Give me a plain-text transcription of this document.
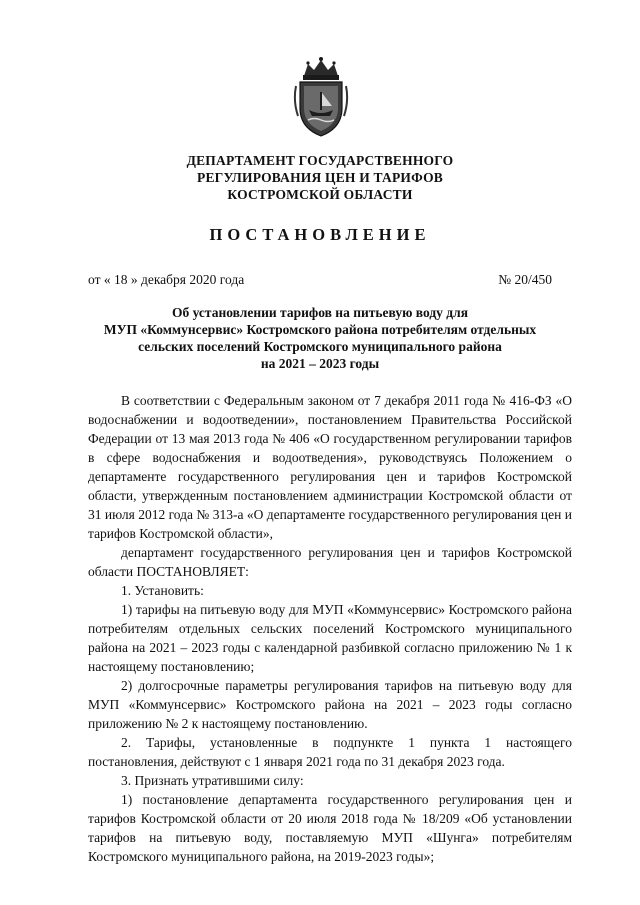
ДЕПАРТАМЕНТ ГОСУДАРСТВЕННОГО
РЕГУЛИРОВАНИЯ ЦЕН И ТАРИФОВ
КОСТРОМСКОЙ ОБЛАСТИ
ПОСТАНОВЛЕНИЕ
от « 18 » декабря 2020 года	№ 20/450
Об установлении тарифов на питьевую воду для
МУП «Коммунсервис» Костромского района потребителям отдельных
сельских поселений Костромского муниципального района
на 2021 – 2023 годы

В соответствии с Федеральным законом от 7 декабря 2011 года № 416-ФЗ «О водоснабжении и водоотведении», постановлением Правительства Российской Федерации от 13 мая 2013 года № 406 «О государственном регулировании тарифов в сфере водоснабжения и водоотведения», руководствуясь Положением о департаменте государственного регулирования цен и тарифов Костромской области, утвержденным постановлением администрации Костромской области от 31 июля 2012 года № 313-а «О департаменте государственного регулирования цен и тарифов Костромской области»,

департамент государственного регулирования цен и тарифов Костромской области ПОСТАНОВЛЯЕТ:

1. Установить:

1) тарифы на питьевую воду для МУП «Коммунсервис» Костромского района потребителям отдельных сельских поселений Костромского муниципального района на 2021 – 2023 годы с календарной разбивкой согласно приложению № 1 к настоящему постановлению;

2) долгосрочные параметры регулирования тарифов на питьевую воду для МУП «Коммунсервис» Костромского района на 2021 – 2023 годы согласно приложению № 2 к настоящему постановлению.

2. Тарифы, установленные в подпункте 1 пункта 1 настоящего постановления, действуют с 1 января 2021 года по 31 декабря 2023 года.

3. Признать утратившими силу:

1) постановление департамента государственного регулирования цен и тарифов Костромской области от 20 июля 2018 года № 18/209 «Об установлении тарифов на питьевую воду, поставляемую МУП «Шунга» потребителям Костромского муниципального района, на 2019-2023 годы»;
